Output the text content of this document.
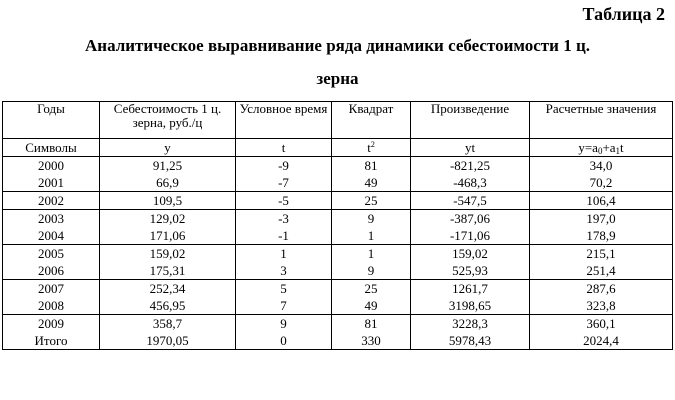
Таблица 2
Аналитическое выравнивание ряда динамики себестоимости 1 ц.
зерна
Годы	Себестоимость 1 ц. зерна, руб./ц	Условное время	Квадрат	Произведение	Расчетные значения
Символы	y	t	$t^2$	yt	$y=a_0+a_1t$
2000	91,25	-9	81	-821,25	34,0
2001	66,9	-7	49	-468,3	70,2
2002	109,5	-5	25	-547,5	106,4
2003	129,02	-3	9	-387,06	197,0
2004	171,06	-1	1	-171,06	178,9
2005	159,02	1	1	159,02	215,1
2006	175,31	3	9	525,93	251,4
2007	252,34	5	25	1261,7	287,6
2008	456,95	7	49	3198,65	323,8
2009	358,7	9	81	3228,3	360,1
Итого	1970,05	0	330	5978,43	2024,4
